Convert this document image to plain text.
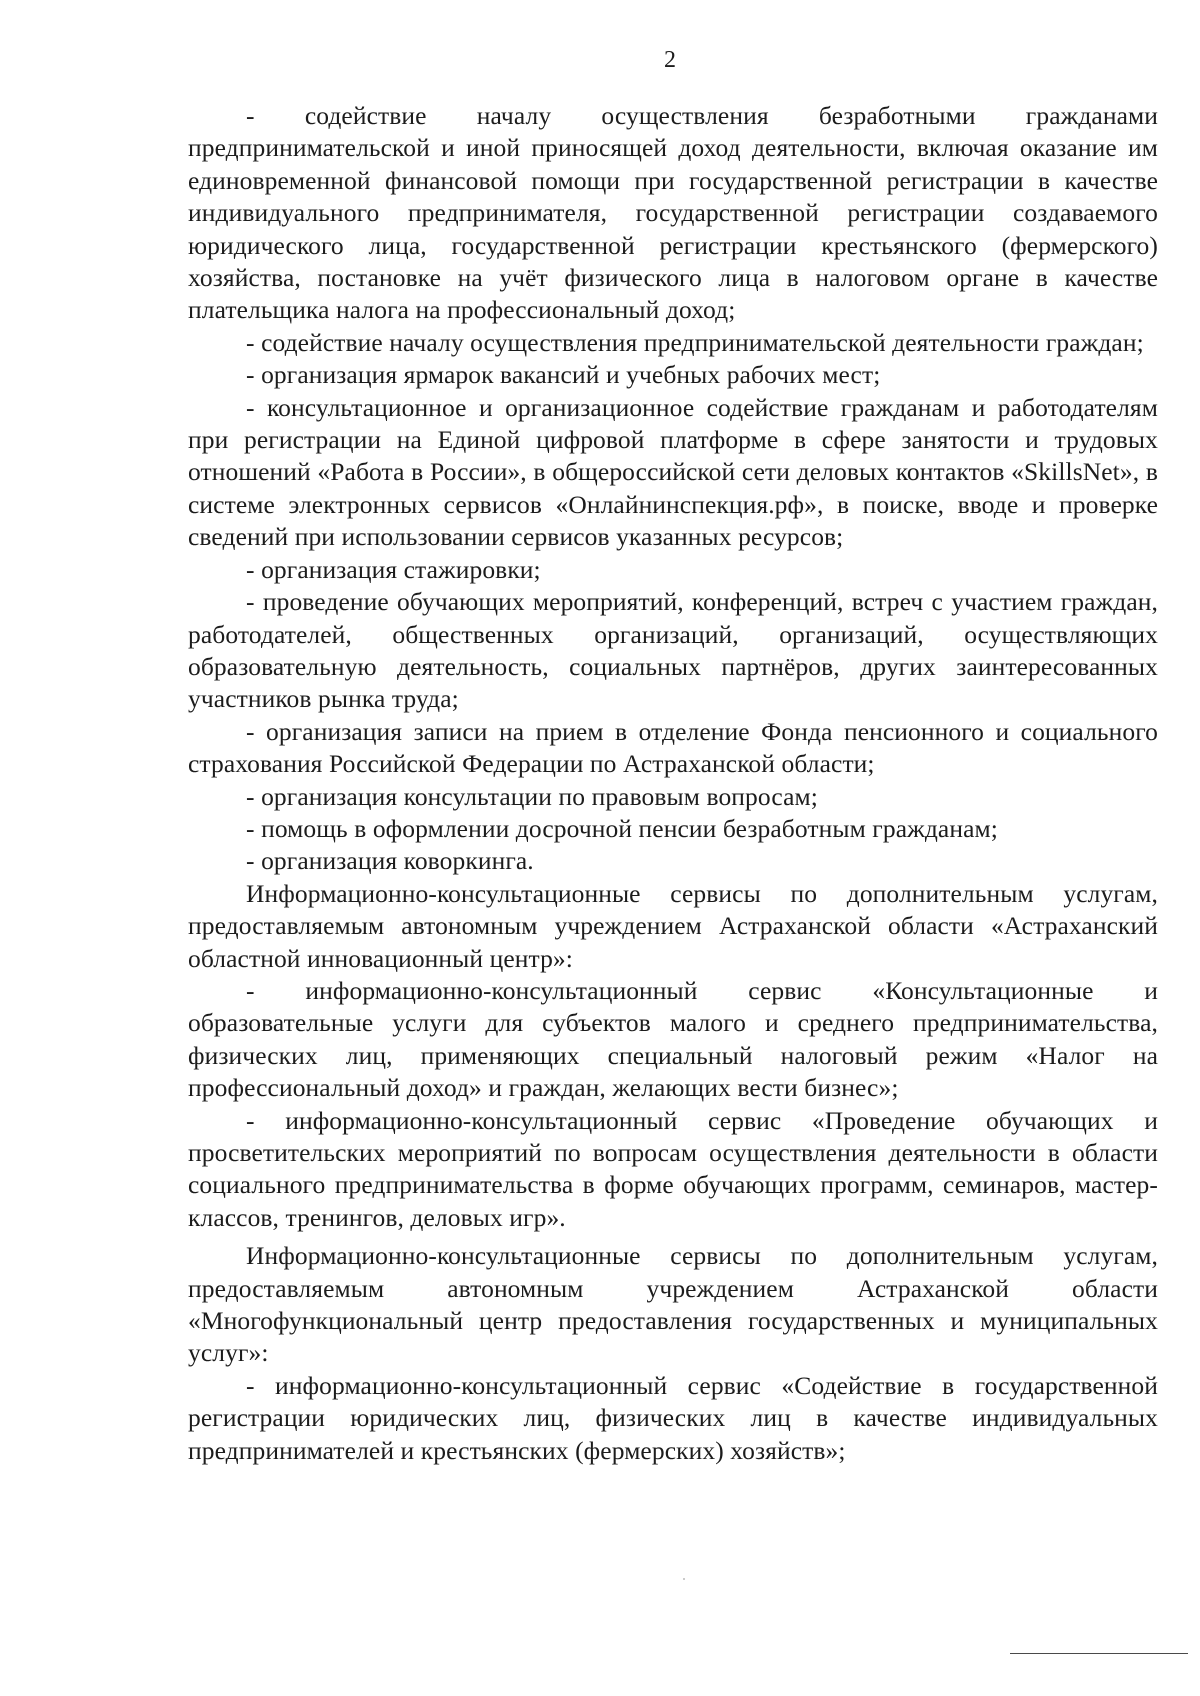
2

- содействие началу осуществления безработными гражданами предпринимательской и иной приносящей доход деятельности, включая оказание им единовременной финансовой помощи при государственной регистрации в качестве индивидуального предпринимателя, государственной регистрации создаваемого юридического лица, государственной регистрации крестьянского (фермерского) хозяйства, постановке на учёт физического лица в налоговом органе в качестве плательщика налога на профессиональный доход;

- содействие началу осуществления предпринимательской деятельности граждан;

- организация ярмарок вакансий и учебных рабочих мест;

- консультационное и организационное содействие гражданам и работодателям при регистрации на Единой цифровой платформе в сфере занятости и трудовых отношений «Работа в России», в общероссийской сети деловых контактов «SkillsNet», в системе электронных сервисов «Онлайнинспекция.рф», в поиске, вводе и проверке сведений при использовании сервисов указанных ресурсов;

- организация стажировки;

- проведение обучающих мероприятий, конференций, встреч с участием граждан, работодателей, общественных организаций, организаций, осуществляющих образовательную деятельность, социальных партнёров, других заинтересованных участников рынка труда;

- организация записи на прием в отделение Фонда пенсионного и социального страхования Российской Федерации по Астраханской области;

- организация консультации по правовым вопросам;

- помощь в оформлении досрочной пенсии безработным гражданам;

- организация коворкинга.

Информационно-консультационные сервисы по дополнительным услугам, предоставляемым автономным учреждением Астраханской области «Астраханский областной инновационный центр»:

- информационно-консультационный сервис «Консультационные и образовательные услуги для субъектов малого и среднего предпринимательства, физических лиц, применяющих специальный налоговый режим «Налог на профессиональный доход» и граждан, желающих вести бизнес»;

- информационно-консультационный сервис «Проведение обучающих и просветительских мероприятий по вопросам осуществления деятельности в области социального предпринимательства в форме обучающих программ, семинаров, мастер-классов, тренингов, деловых игр».

Информационно-консультационные сервисы по дополнительным услугам, предоставляемым автономным учреждением Астраханской области «Многофункциональный центр предоставления государственных и муниципальных услуг»:

- информационно-консультационный сервис «Содействие в государственной регистрации юридических лиц, физических лиц в качестве индивидуальных предпринимателей и крестьянских (фермерских) хозяйств»;
